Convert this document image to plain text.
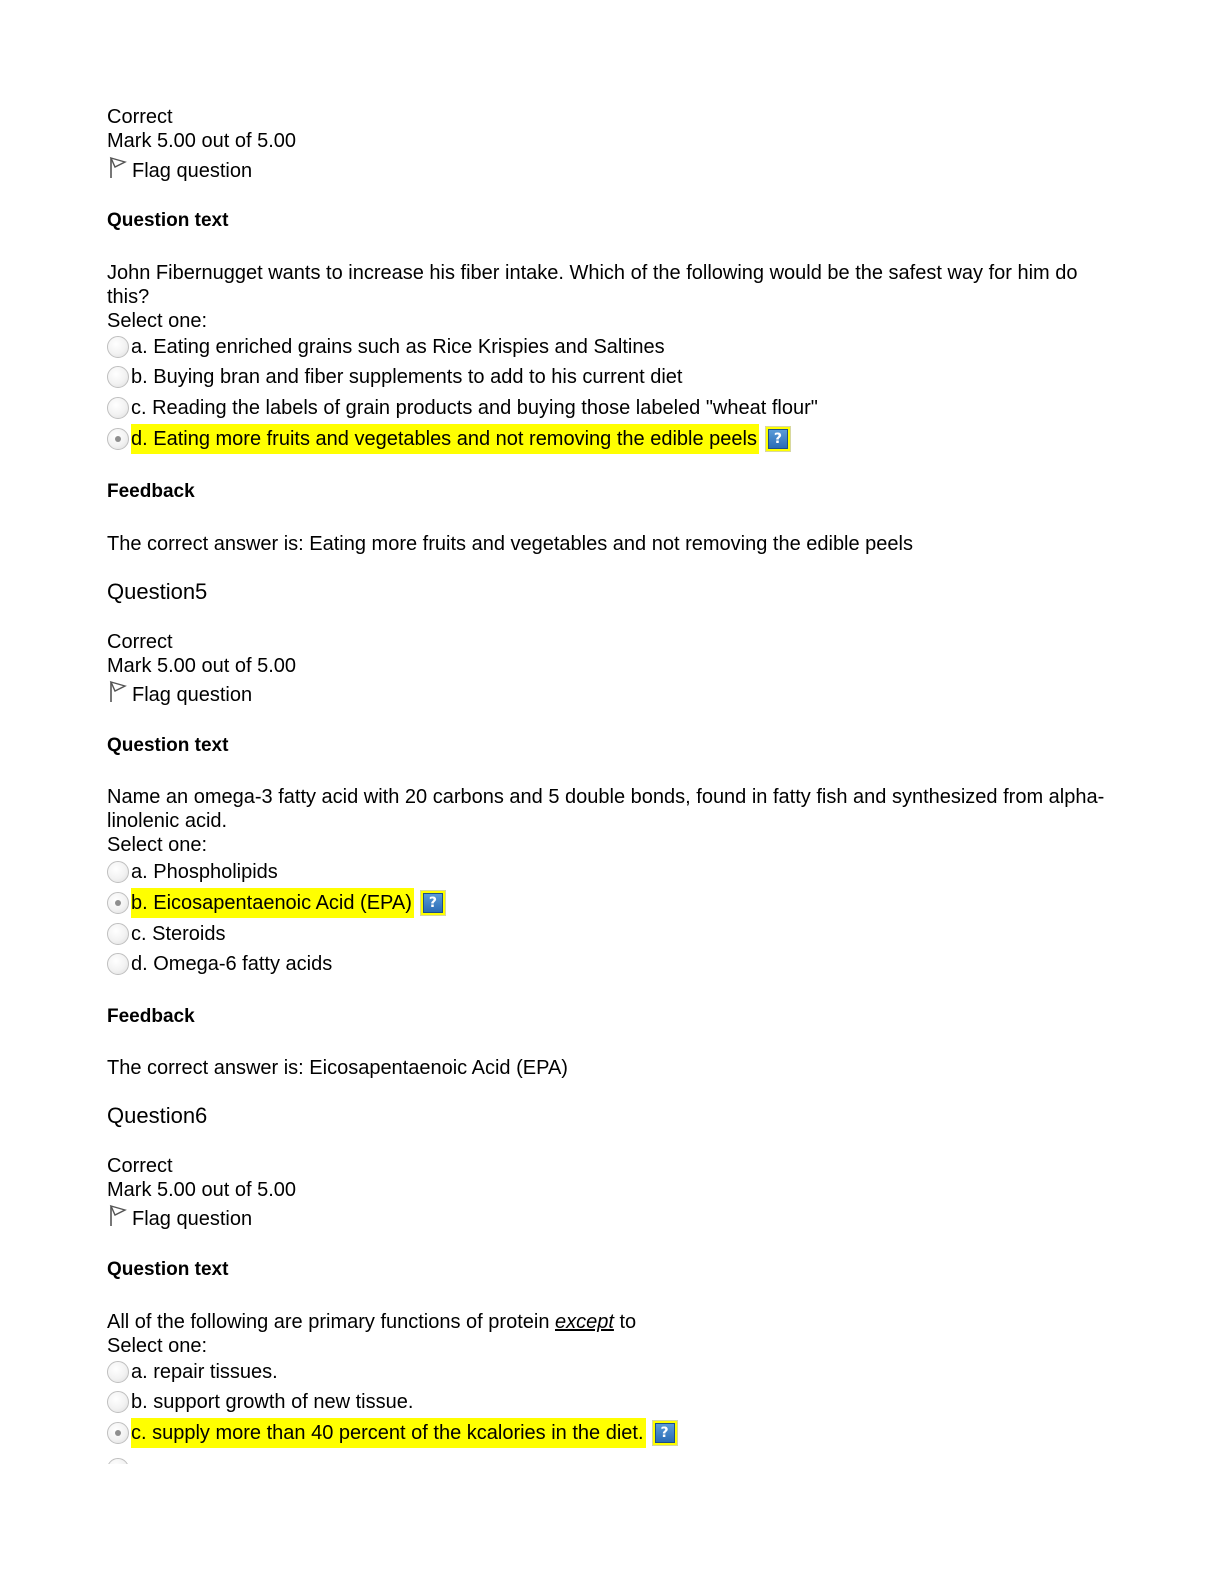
Correct
Mark 5.00 out of 5.00
Flag question
Question text
John Fibernugget wants to increase his fiber intake. Which of the following would be the safest way for him do this?
Select one:
a. Eating enriched grains such as Rice Krispies and Saltines
b. Buying bran and fiber supplements to add to his current diet
c. Reading the labels of grain products and buying those labeled "wheat flour"
d. Eating more fruits and vegetables and not removing the edible peels	?
Feedback
The correct answer is: Eating more fruits and vegetables and not removing the edible peels
Question5
Correct
Mark 5.00 out of 5.00
Flag question
Question text
Name an omega-3 fatty acid with 20 carbons and 5 double bonds, found in fatty fish and synthesized from alpha-linolenic acid.
Select one:
a. Phospholipids
b. Eicosapentaenoic Acid (EPA)	?
c. Steroids
d. Omega-6 fatty acids
Feedback
The correct answer is: Eicosapentaenoic Acid (EPA)
Question6
Correct
Mark 5.00 out of 5.00
Flag question
Question text
All of the following are primary functions of protein except to
Select one:
a. repair tissues.
b. support growth of new tissue.
c. supply more than 40 percent of the kcalories in the diet.	?
